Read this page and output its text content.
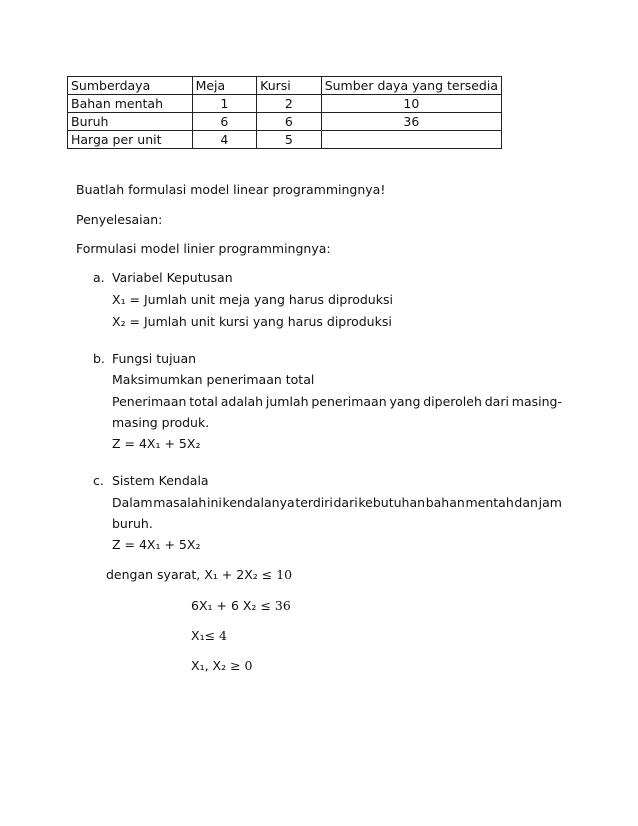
Sumberdaya	Meja	Kursi	Sumber daya yang tersedia
Bahan mentah	1	2	10
Buruh	6	6	36
Harga per unit	4	5	
Buatlah formulasi model linear programmingnya!
Penyelesaian:
Formulasi model linier programmingnya:
a. Variabel Keputusan
X₁ = Jumlah unit meja yang harus diproduksi
X₂ = Jumlah unit kursi yang harus diproduksi
b. Fungsi tujuan
Maksimumkan penerimaan total
Penerimaan total adalah jumlah penerimaan yang diperoleh dari masing-
masing produk.
Z = 4X₁ + 5X₂
c. Sistem Kendala
Dalam masalah ini kendalanya terdiri dari kebutuhan bahan mentah dan jam
buruh.
Z = 4X₁ + 5X₂
dengan syarat, X₁ + 2X₂ ≤ 10
6X₁ + 6 X₂ ≤ 36
X₁≤ 4
X₁, X₂ ≥ 0
